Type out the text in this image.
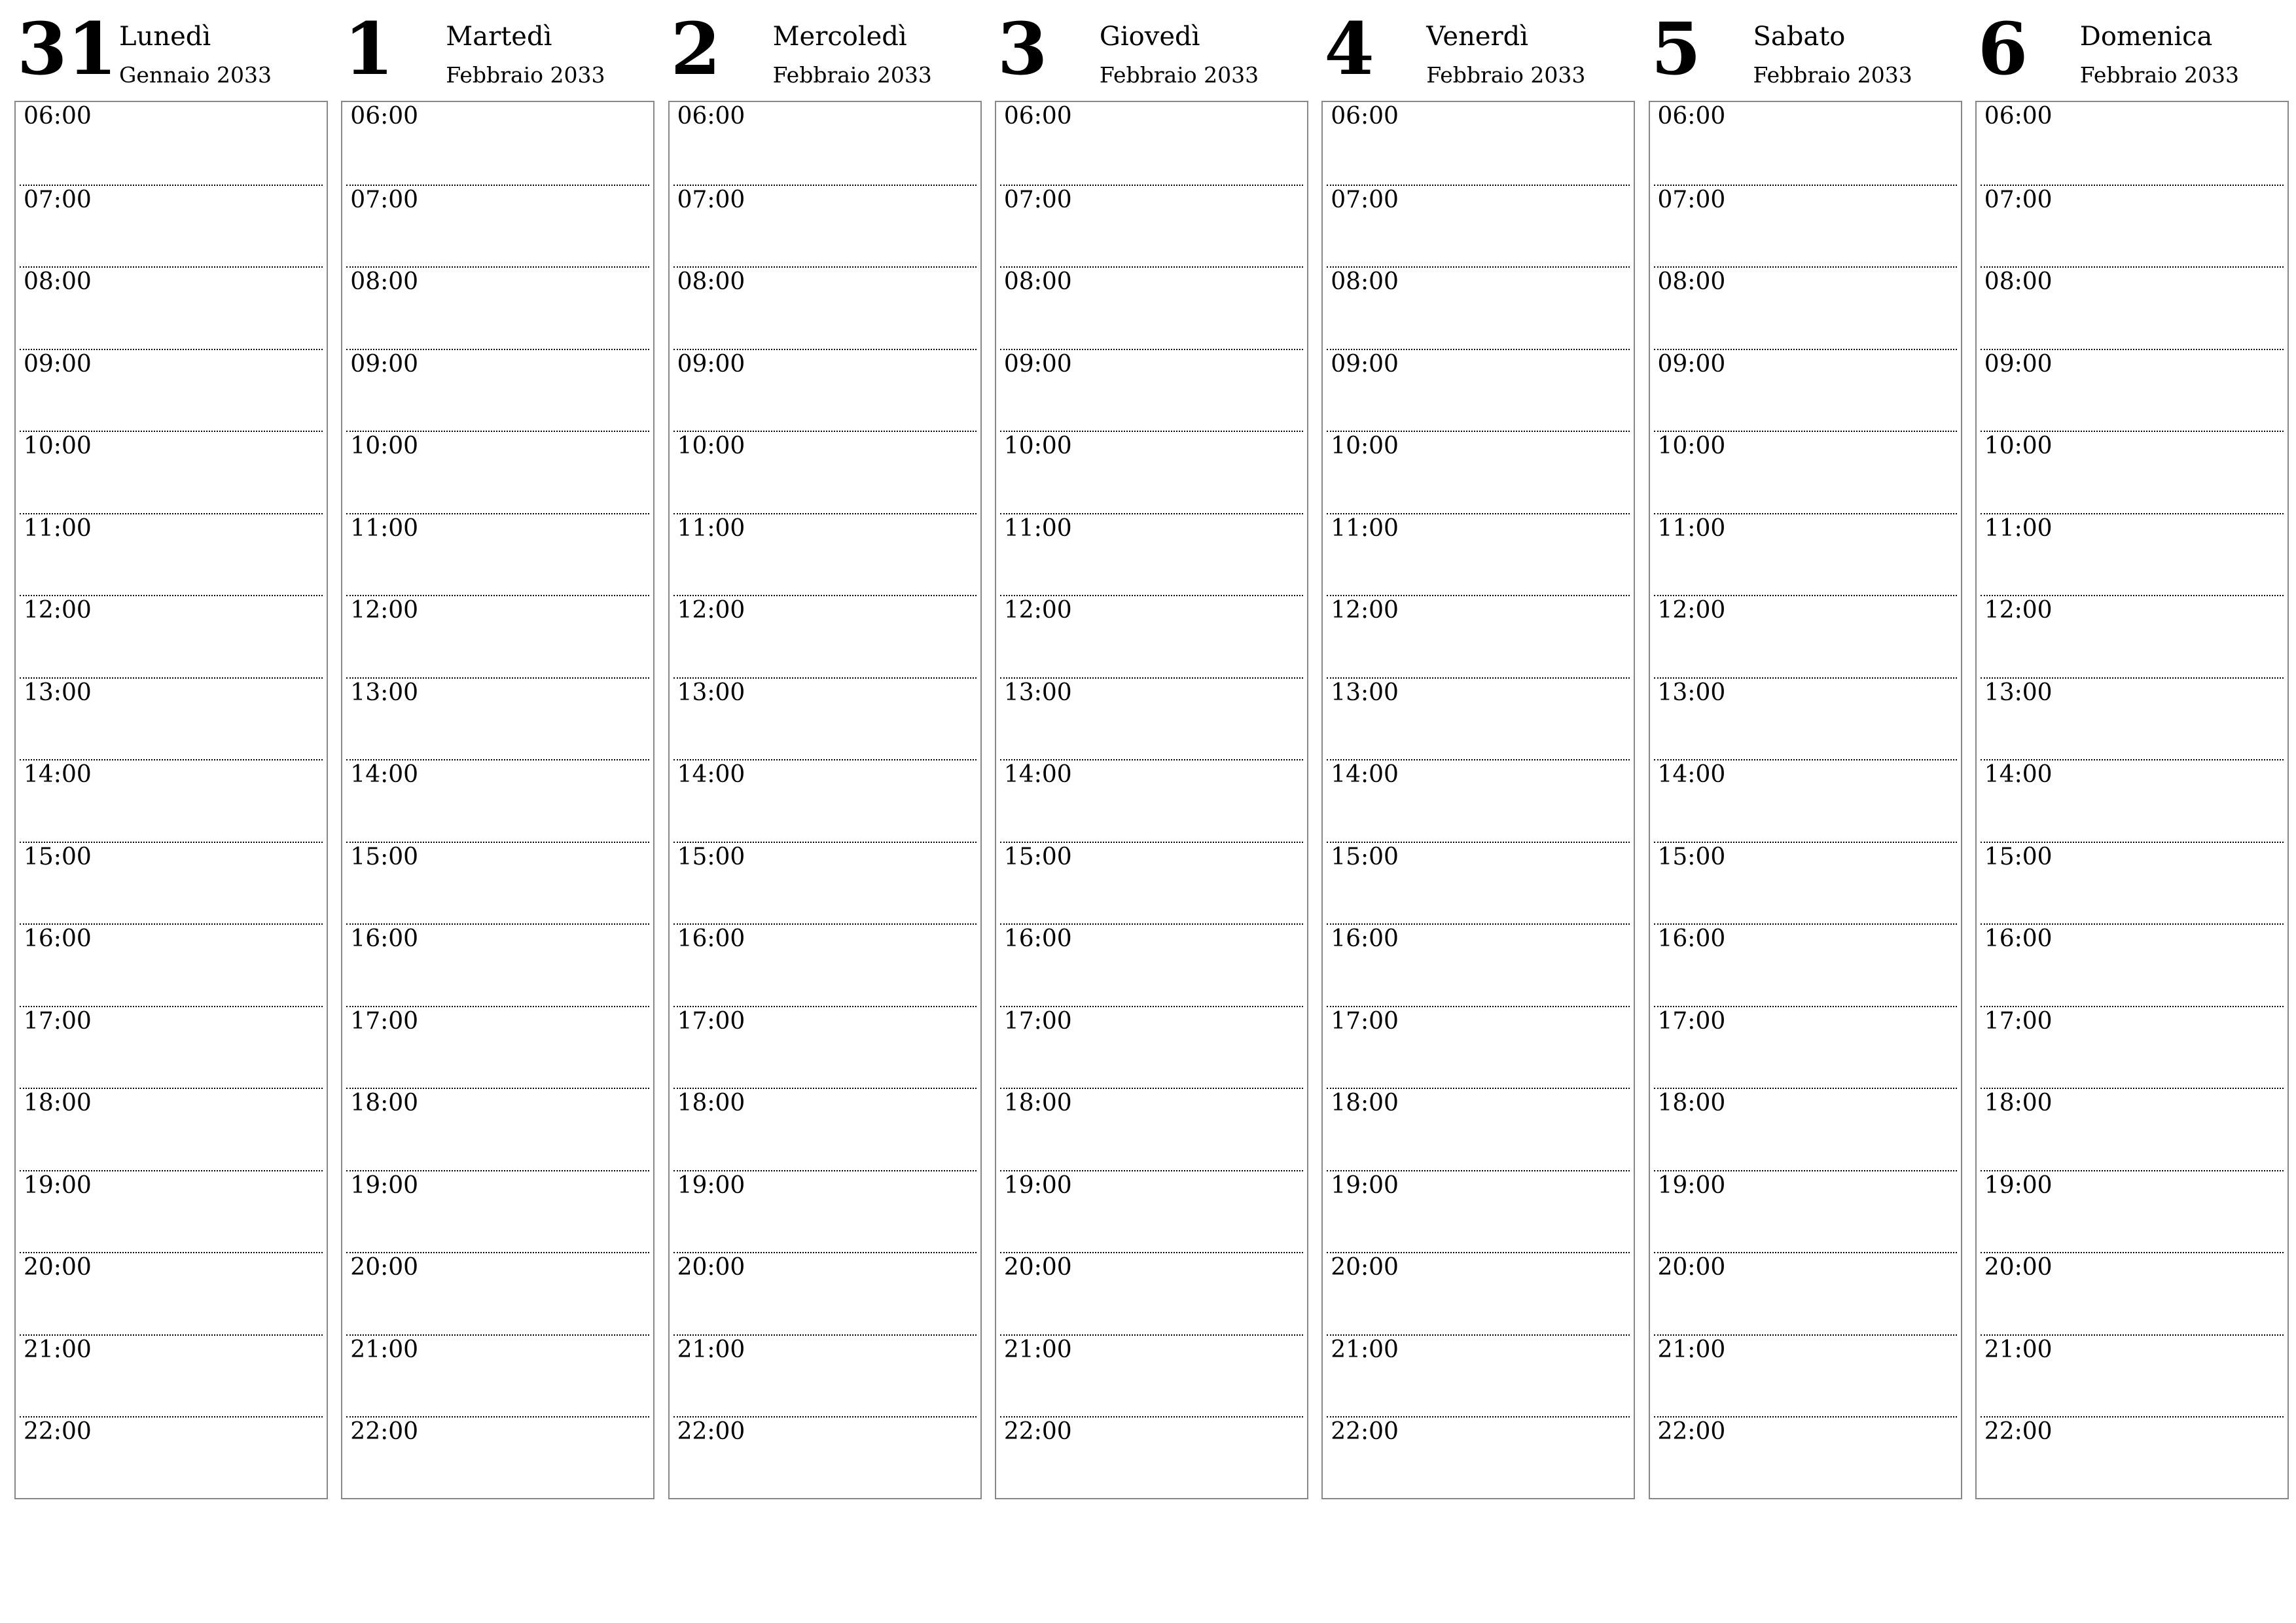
31 Lunedì
Gennaio 2033
06:00
07:00
08:00
09:00
10:00
11:00
12:00
13:00
14:00
15:00
16:00
17:00
18:00
19:00
20:00
21:00
22:00
1 Martedì
Febbraio 2033
06:00
07:00
08:00
09:00
10:00
11:00
12:00
13:00
14:00
15:00
16:00
17:00
18:00
19:00
20:00
21:00
22:00
2 Mercoledì
Febbraio 2033
06:00
07:00
08:00
09:00
10:00
11:00
12:00
13:00
14:00
15:00
16:00
17:00
18:00
19:00
20:00
21:00
22:00
3 Giovedì
Febbraio 2033
06:00
07:00
08:00
09:00
10:00
11:00
12:00
13:00
14:00
15:00
16:00
17:00
18:00
19:00
20:00
21:00
22:00
4 Venerdì
Febbraio 2033
06:00
07:00
08:00
09:00
10:00
11:00
12:00
13:00
14:00
15:00
16:00
17:00
18:00
19:00
20:00
21:00
22:00
5 Sabato
Febbraio 2033
06:00
07:00
08:00
09:00
10:00
11:00
12:00
13:00
14:00
15:00
16:00
17:00
18:00
19:00
20:00
21:00
22:00
6 Domenica
Febbraio 2033
06:00
07:00
08:00
09:00
10:00
11:00
12:00
13:00
14:00
15:00
16:00
17:00
18:00
19:00
20:00
21:00
22:00
